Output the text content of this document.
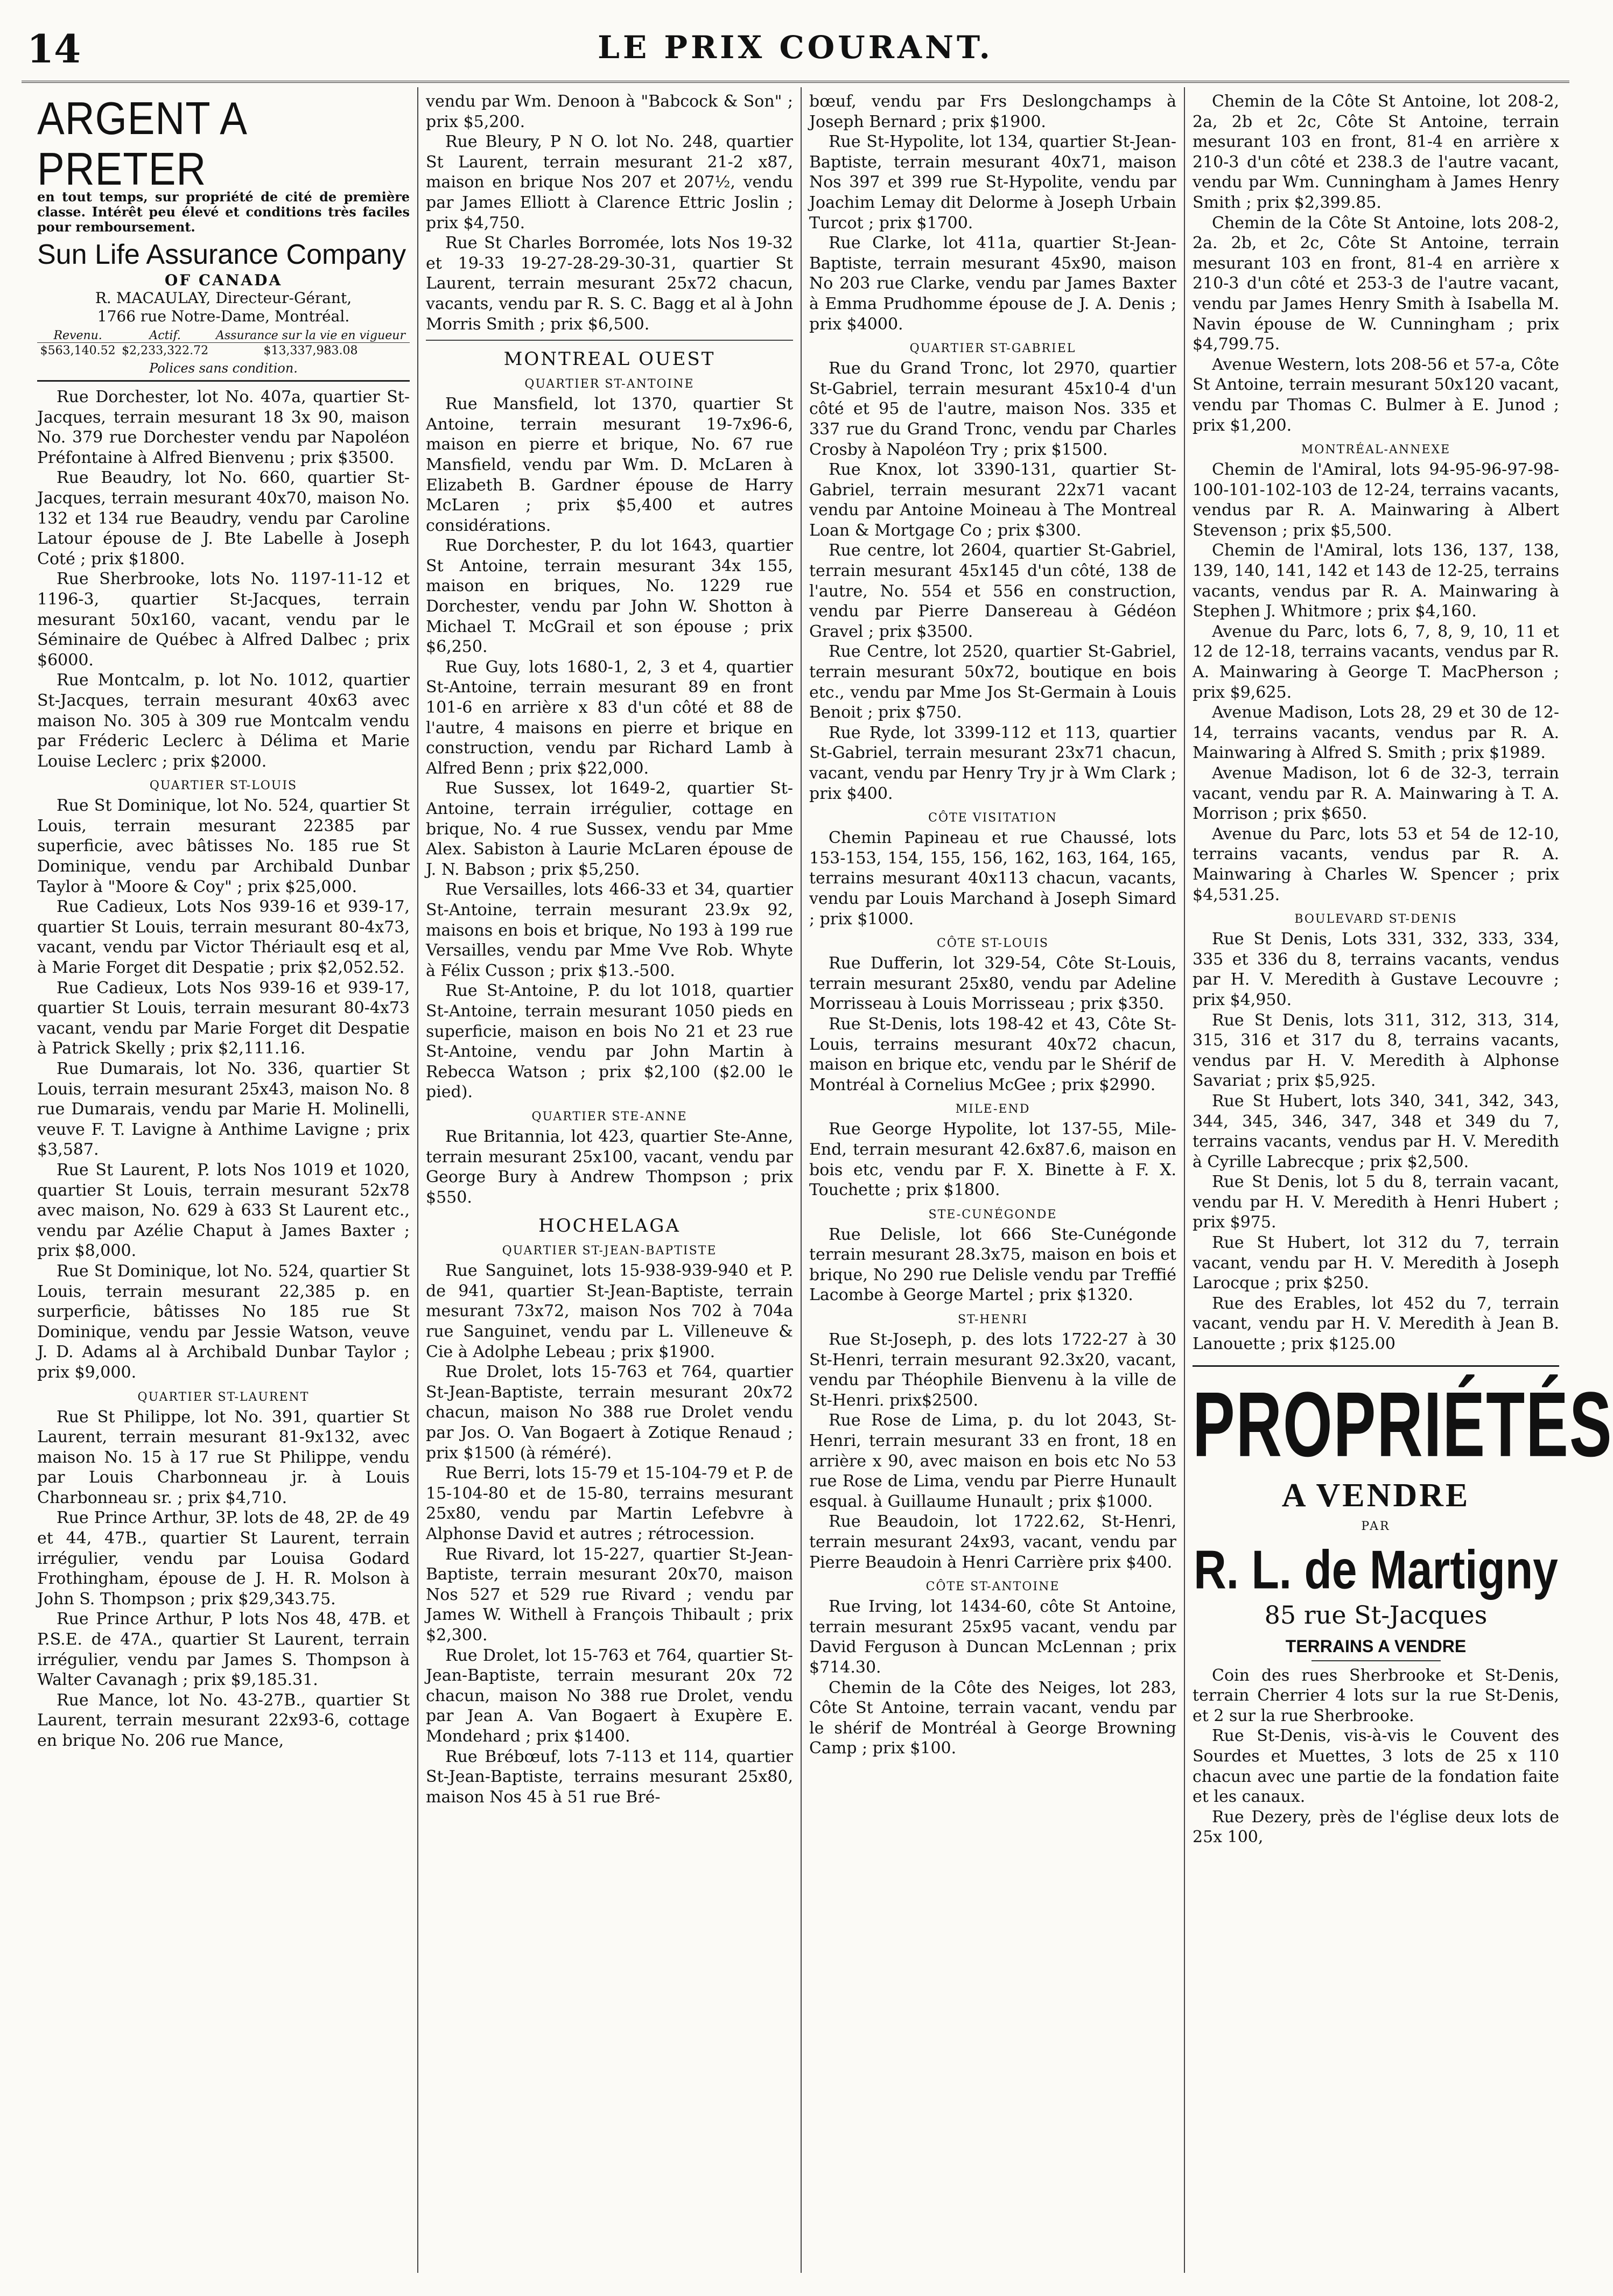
14	LE PRIX COURANT.
ARGENT A PRETER
en tout temps, sur propriété de cité de première classe. Intérêt peu élevé et conditions très faciles pour remboursement.
Sun Life Assurance Company
OF CANADA
R. MACAULAY, Directeur-Gérant,
1766 rue Notre-Dame, Montréal.
Revenu.	Actif.	Assurance sur la vie en vigueur
$563,140.52	$2,233,322.72	$13,337,983.08
Polices sans condition.

Rue Dorchester, lot No. 407a, quartier St-Jacques, terrain mesurant 18 3x 90, maison No. 379 rue Dorchester vendu par Napoléon Préfontaine à Alfred Bienvenu ; prix $3500.

Rue Beaudry, lot No. 660, quartier St-Jacques, terrain mesurant 40x70, maison No. 132 et 134 rue Beaudry, vendu par Caroline Latour épouse de J. Bte Labelle à Joseph Coté ; prix $1800.

Rue Sherbrooke, lots No. 1197-11-12 et 1196-3, quartier St-Jacques, terrain mesurant 50x160, vacant, vendu par le Séminaire de Québec à Alfred Dalbec ; prix $6000.

Rue Montcalm, p. lot No. 1012, quartier St-Jacques, terrain mesurant 40x63 avec maison No. 305 à 309 rue Montcalm vendu par Fréderic Leclerc à Délima et Marie Louise Leclerc ; prix $2000.

QUARTIER ST-LOUIS

Rue St Dominique, lot No. 524, quartier St Louis, terrain mesurant 22385 par superficie, avec bâtisses No. 185 rue St Dominique, vendu par Archibald Dunbar Taylor à "Moore & Coy" ; prix $25,000.

Rue Cadieux, Lots Nos 939-16 et 939-17, quartier St Louis, terrain mesurant 80-4x73, vacant, vendu par Victor Thériault esq et al, à Marie Forget dit Despatie ; prix $2,052.52.

Rue Cadieux, Lots Nos 939-16 et 939-17, quartier St Louis, terrain mesurant 80-4x73 vacant, vendu par Marie Forget dit Despatie à Patrick Skelly ; prix $2,111.16.

Rue Dumarais, lot No. 336, quartier St Louis, terrain mesurant 25x43, maison No. 8 rue Dumarais, vendu par Marie H. Molinelli, veuve F. T. Lavigne à Anthime Lavigne ; prix $3,587.

Rue St Laurent, P. lots Nos 1019 et 1020, quartier St Louis, terrain mesurant 52x78 avec maison, No. 629 à 633 St Laurent etc., vendu par Azélie Chaput à James Baxter ; prix $8,000.

Rue St Dominique, lot No. 524, quartier St Louis, terrain mesurant 22,385 p. en surperficie, bâtisses No 185 rue St Dominique, vendu par Jessie Watson, veuve J. D. Adams al à Archibald Dunbar Taylor ; prix $9,000.

QUARTIER ST-LAURENT

Rue St Philippe, lot No. 391, quartier St Laurent, terrain mesurant 81-9x132, avec maison No. 15 à 17 rue St Philippe, vendu par Louis Charbonneau jr. à Louis Charbonneau sr. ; prix $4,710.

Rue Prince Arthur, 3P. lots de 48, 2P. de 49 et 44, 47B., quartier St Laurent, terrain irrégulier, vendu par Louisa Godard Frothingham, épouse de J. H. R. Molson à John S. Thompson ; prix $29,343.75.

Rue Prince Arthur, P lots Nos 48, 47B. et P.S.E. de 47A., quartier St Laurent, terrain irrégulier, vendu par James S. Thompson à Walter Cavanagh ; prix $9,185.31.

Rue Mance, lot No. 43-27B., quartier St Laurent, terrain mesurant 22x93-6, cottage en brique No. 206 rue Mance,

vendu par Wm. Denoon à "Babcock & Son" ; prix $5,200.

Rue Bleury, P N O. lot No. 248, quartier St Laurent, terrain mesurant 21-2 x87, maison en brique Nos 207 et 207½, vendu par James Elliott à Clarence Ettric Joslin ; prix $4,750.

Rue St Charles Borromée, lots Nos 19-32 et 19-33 19-27-28-29-30-31, quartier St Laurent, terrain mesurant 25x72 chacun, vacants, vendu par R. S. C. Bagg et al à John Morris Smith ; prix $6,500.

MONTREAL OUEST
QUARTIER ST-ANTOINE

Rue Mansfield, lot 1370, quartier St Antoine, terrain mesurant 19-7x96-6, maison en pierre et brique, No. 67 rue Mansfield, vendu par Wm. D. McLaren à Elizabeth B. Gardner épouse de Harry McLaren ; prix $5,400 et autres considérations.

Rue Dorchester, P. du lot 1643, quartier St Antoine, terrain mesurant 34x 155, maison en briques, No. 1229 rue Dorchester, vendu par John W. Shotton à Michael T. McGrail et son épouse ; prix $6,250.

Rue Guy, lots 1680-1, 2, 3 et 4, quartier St-Antoine, terrain mesurant 89 en front 101-6 en arrière x 83 d'un côté et 88 de l'autre, 4 maisons en pierre et brique en construction, vendu par Richard Lamb à Alfred Benn ; prix $22,000.

Rue Sussex, lot 1649-2, quartier St-Antoine, terrain irrégulier, cottage en brique, No. 4 rue Sussex, vendu par Mme Alex. Sabiston à Laurie McLaren épouse de J. N. Babson ; prix $5,250.

Rue Versailles, lots 466-33 et 34, quartier St-Antoine, terrain mesurant 23.9x 92, maisons en bois et brique, No 193 à 199 rue Versailles, vendu par Mme Vve Rob. Whyte à Félix Cusson ; prix $13.-500.

Rue St-Antoine, P. du lot 1018, quartier St-Antoine, terrain mesurant 1050 pieds en superficie, maison en bois No 21 et 23 rue St-Antoine, vendu par John Martin à Rebecca Watson ; prix $2,100 ($2.00 le pied).

QUARTIER STE-ANNE

Rue Britannia, lot 423, quartier Ste-Anne, terrain mesurant 25x100, vacant, vendu par George Bury à Andrew Thompson ; prix $550.

HOCHELAGA
QUARTIER ST-JEAN-BAPTISTE

Rue Sanguinet, lots 15-938-939-940 et P. de 941, quartier St-Jean-Baptiste, terrain mesurant 73x72, maison Nos 702 à 704a rue Sanguinet, vendu par L. Villeneuve & Cie à Adolphe Lebeau ; prix $1900.

Rue Drolet, lots 15-763 et 764, quartier St-Jean-Baptiste, terrain mesurant 20x72 chacun, maison No 388 rue Drolet vendu par Jos. O. Van Bogaert à Zotique Renaud ; prix $1500 (à réméré).

Rue Berri, lots 15-79 et 15-104-79 et P. de 15-104-80 et de 15-80, terrains mesurant 25x80, vendu par Martin Lefebvre à Alphonse David et autres ; rétrocession.

Rue Rivard, lot 15-227, quartier St-Jean-Baptiste, terrain mesurant 20x70, maison Nos 527 et 529 rue Rivard ; vendu par James W. Withell à François Thibault ; prix $2,300.

Rue Drolet, lot 15-763 et 764, quartier St-Jean-Baptiste, terrain mesurant 20x 72 chacun, maison No 388 rue Drolet, vendu par Jean A. Van Bogaert à Exupère E. Mondehard ; prix $1400.

Rue Brébœuf, lots 7-113 et 114, quartier St-Jean-Baptiste, terrains mesurant 25x80, maison Nos 45 à 51 rue Bré-

bœuf, vendu par Frs Deslongchamps à Joseph Bernard ; prix $1900.

Rue St-Hypolite, lot 134, quartier St-Jean-Baptiste, terrain mesurant 40x71, maison Nos 397 et 399 rue St-Hypolite, vendu par Joachim Lemay dit Delorme à Joseph Urbain Turcot ; prix $1700.

Rue Clarke, lot 411a, quartier St-Jean-Baptiste, terrain mesurant 45x90, maison No 203 rue Clarke, vendu par James Baxter à Emma Prudhomme épouse de J. A. Denis ; prix $4000.

QUARTIER ST-GABRIEL

Rue du Grand Tronc, lot 2970, quartier St-Gabriel, terrain mesurant 45x10-4 d'un côté et 95 de l'autre, maison Nos. 335 et 337 rue du Grand Tronc, vendu par Charles Crosby à Napoléon Try ; prix $1500.

Rue Knox, lot 3390-131, quartier St-Gabriel, terrain mesurant 22x71 vacant vendu par Antoine Moineau à The Montreal Loan & Mortgage Co ; prix $300.

Rue centre, lot 2604, quartier St-Gabriel, terrain mesurant 45x145 d'un côté, 138 de l'autre, No. 554 et 556 en construction, vendu par Pierre Dansereau à Gédéon Gravel ; prix $3500.

Rue Centre, lot 2520, quartier St-Gabriel, terrain mesurant 50x72, boutique en bois etc., vendu par Mme Jos St-Germain à Louis Benoit ; prix $750.

Rue Ryde, lot 3399-112 et 113, quartier St-Gabriel, terrain mesurant 23x71 chacun, vacant, vendu par Henry Try jr à Wm Clark ; prix $400.

CÔTE VISITATION

Chemin Papineau et rue Chaussé, lots 153-153, 154, 155, 156, 162, 163, 164, 165, terrains mesurant 40x113 chacun, vacants, vendu par Louis Marchand à Joseph Simard ; prix $1000.

CÔTE ST-LOUIS

Rue Dufferin, lot 329-54, Côte St-Louis, terrain mesurant 25x80, vendu par Adeline Morrisseau à Louis Morrisseau ; prix $350.

Rue St-Denis, lots 198-42 et 43, Côte St-Louis, terrains mesurant 40x72 chacun, maison en brique etc, vendu par le Shérif de Montréal à Cornelius McGee ; prix $2990.

MILE-END

Rue George Hypolite, lot 137-55, Mile-End, terrain mesurant 42.6x87.6, maison en bois etc, vendu par F. X. Binette à F. X. Touchette ; prix $1800.

STE-CUNÉGONDE

Rue Delisle, lot 666 Ste-Cunégonde terrain mesurant 28.3x75, maison en bois et brique, No 290 rue Delisle vendu par Treffié Lacombe à George Martel ; prix $1320.

ST-HENRI

Rue St-Joseph, p. des lots 1722-27 à 30 St-Henri, terrain mesurant 92.3x20, vacant, vendu par Théophile Bienvenu à la ville de St-Henri. prix$2500.

Rue Rose de Lima, p. du lot 2043, St-Henri, terrain mesurant 33 en front, 18 en arrière x 90, avec maison en bois etc No 53 rue Rose de Lima, vendu par Pierre Hunault esqual. à Guillaume Hunault ; prix $1000.

Rue Beaudoin, lot 1722.62, St-Henri, terrain mesurant 24x93, vacant, vendu par Pierre Beaudoin à Henri Carrière prix $400.

CÔTE ST-ANTOINE

Rue Irving, lot 1434-60, côte St Antoine, terrain mesurant 25x95 vacant, vendu par David Ferguson à Duncan McLennan ; prix $714.30.

Chemin de la Côte des Neiges, lot 283, Côte St Antoine, terrain vacant, vendu par le shérif de Montréal à George Browning Camp ; prix $100.

Chemin de la Côte St Antoine, lot 208-2, 2a, 2b et 2c, Côte St Antoine, terrain mesurant 103 en front, 81-4 en arrière x 210-3 d'un côté et 238.3 de l'autre vacant, vendu par Wm. Cunningham à James Henry Smith ; prix $2,399.85.

Chemin de la Côte St Antoine, lots 208-2, 2a. 2b, et 2c, Côte St Antoine, terrain mesurant 103 en front, 81-4 en arrière x 210-3 d'un côté et 253-3 de l'autre vacant, vendu par James Henry Smith à Isabella M. Navin épouse de W. Cunningham ; prix $4,799.75.

Avenue Western, lots 208-56 et 57-a, Côte St Antoine, terrain mesurant 50x120 vacant, vendu par Thomas C. Bulmer à E. Junod ; prix $1,200.

MONTRÉAL-ANNEXE

Chemin de l'Amiral, lots 94-95-96-97-98-100-101-102-103 de 12-24, terrains vacants, vendus par R. A. Mainwaring à Albert Stevenson ; prix $5,500.

Chemin de l'Amiral, lots 136, 137, 138, 139, 140, 141, 142 et 143 de 12-25, terrains vacants, vendus par R. A. Mainwaring à Stephen J. Whitmore ; prix $4,160.

Avenue du Parc, lots 6, 7, 8, 9, 10, 11 et 12 de 12-18, terrains vacants, vendus par R. A. Mainwaring à George T. MacPherson ; prix $9,625.

Avenue Madison, Lots 28, 29 et 30 de 12-14, terrains vacants, vendus par R. A. Mainwaring à Alfred S. Smith ; prix $1989.

Avenue Madison, lot 6 de 32-3, terrain vacant, vendu par R. A. Mainwaring à T. A. Morrison ; prix $650.

Avenue du Parc, lots 53 et 54 de 12-10, terrains vacants, vendus par R. A. Mainwaring à Charles W. Spencer ; prix $4,531.25.

BOULEVARD ST-DENIS

Rue St Denis, Lots 331, 332, 333, 334, 335 et 336 du 8, terrains vacants, vendus par H. V. Meredith à Gustave Lecouvre ; prix $4,950.

Rue St Denis, lots 311, 312, 313, 314, 315, 316 et 317 du 8, terrains vacants, vendus par H. V. Meredith à Alphonse Savariat ; prix $5,925.

Rue St Hubert, lots 340, 341, 342, 343, 344, 345, 346, 347, 348 et 349 du 7, terrains vacants, vendus par H. V. Meredith à Cyrille Labrecque ; prix $2,500.

Rue St Denis, lot 5 du 8, terrain vacant, vendu par H. V. Meredith à Henri Hubert ; prix $975.

Rue St Hubert, lot 312 du 7, terrain vacant, vendu par H. V. Meredith à Joseph Larocque ; prix $250.

Rue des Erables, lot 452 du 7, terrain vacant, vendu par H. V. Meredith à Jean B. Lanouette ; prix $125.00

PROPRIÉTÉS
A VENDRE
PAR
R. L. de Martigny
85 rue St-Jacques
TERRAINS A VENDRE

Coin des rues Sherbrooke et St-Denis, terrain Cherrier 4 lots sur la rue St-Denis, et 2 sur la rue Sherbrooke.

Rue St-Denis, vis-à-vis le Couvent des Sourdes et Muettes, 3 lots de 25 x 110 chacun avec une partie de la fondation faite et les canaux.

Rue Dezery, près de l'église deux lots de 25x 100,
